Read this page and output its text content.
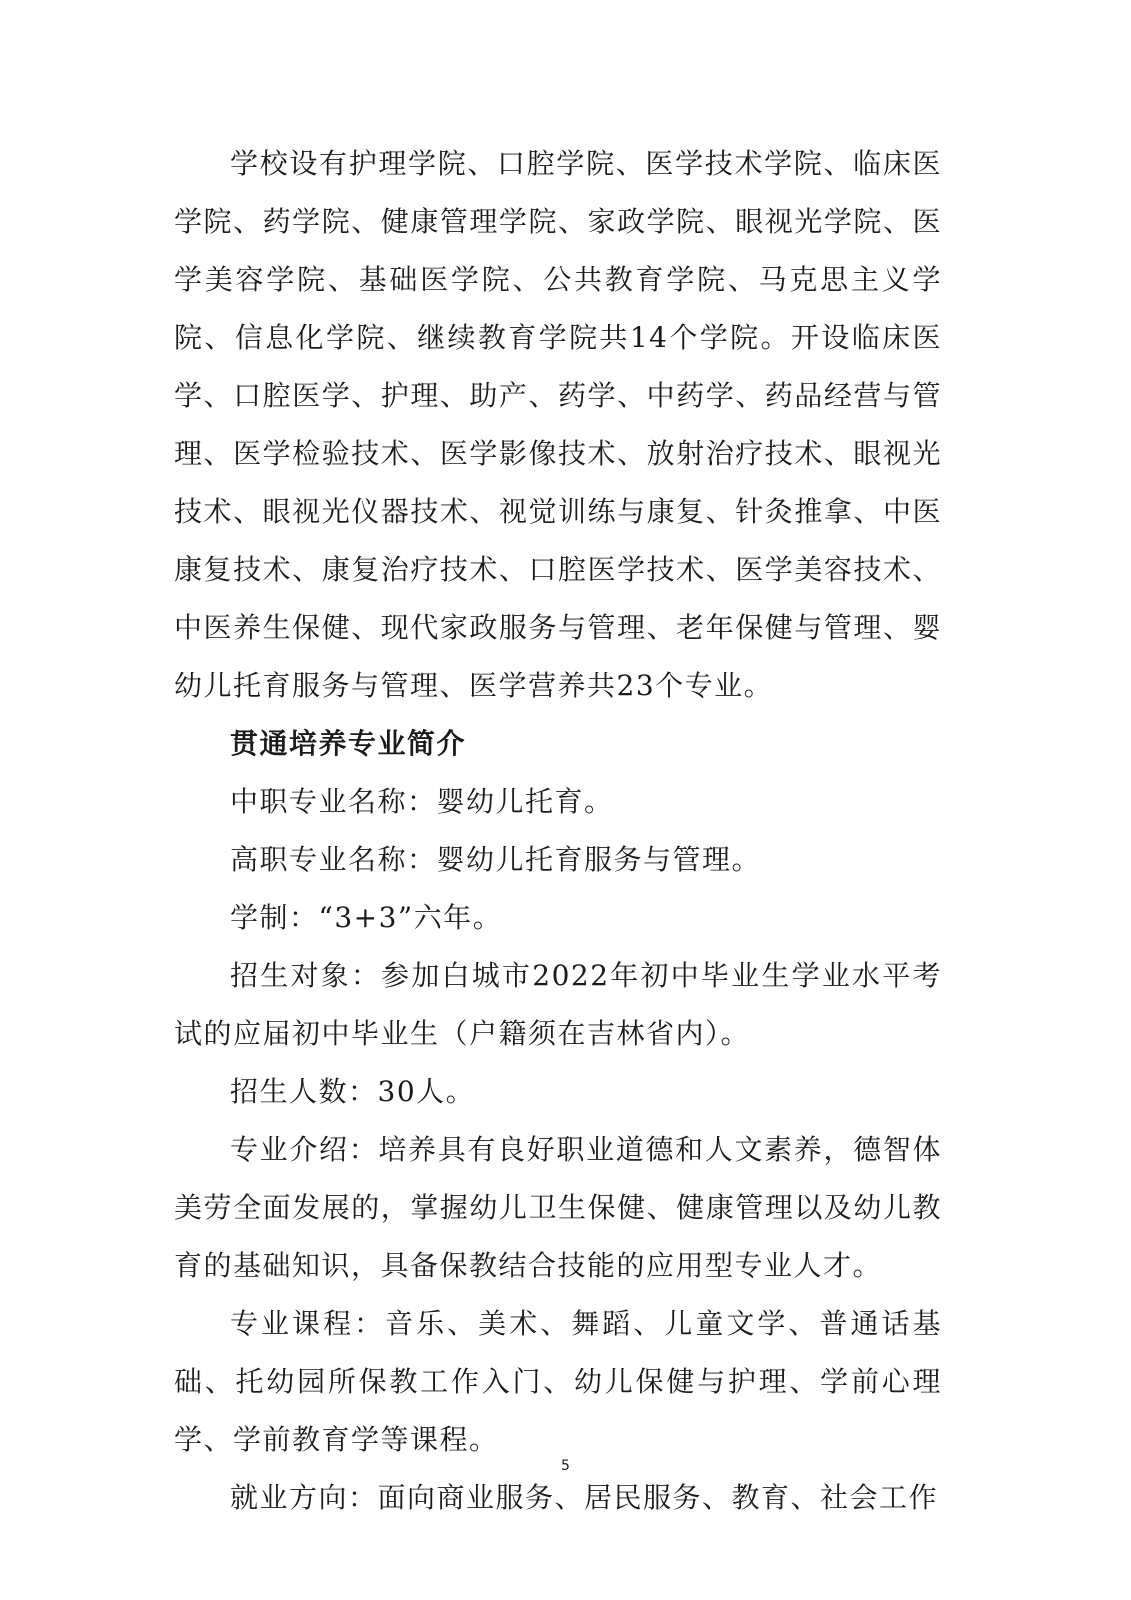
学校设有护理学院、口腔学院、医学技术学院、临床医学院、药学院、健康管理学院、家政学院、眼视光学院、医学美容学院、基础医学院、公共教育学院、马克思主义学院、信息化学院、继续教育学院共14个学院。开设临床医学、口腔医学、护理、助产、药学、中药学、药品经营与管理、医学检验技术、医学影像技术、放射治疗技术、眼视光技术、眼视光仪器技术、视觉训练与康复、针灸推拿、中医康复技术、康复治疗技术、口腔医学技术、医学美容技术、中医养生保健、现代家政服务与管理、老年保健与管理、婴幼儿托育服务与管理、医学营养共23个专业。

贯通培养专业简介

中职专业名称：婴幼儿托育。

高职专业名称：婴幼儿托育服务与管理。

学制：“3+3”六年。

招生对象：参加白城市2022年初中毕业生学业水平考试的应届初中毕业生（户籍须在吉林省内）。

招生人数：30人。

专业介绍：培养具有良好职业道德和人文素养，德智体美劳全面发展的，掌握幼儿卫生保健、健康管理以及幼儿教育的基础知识，具备保教结合技能的应用型专业人才。

专业课程：音乐、美术、舞蹈、儿童文学、普通话基础、托幼园所保教工作入门、幼儿保健与护理、学前心理学、学前教育学等课程。

就业方向：面向商业服务、居民服务、教育、社会工作

5
